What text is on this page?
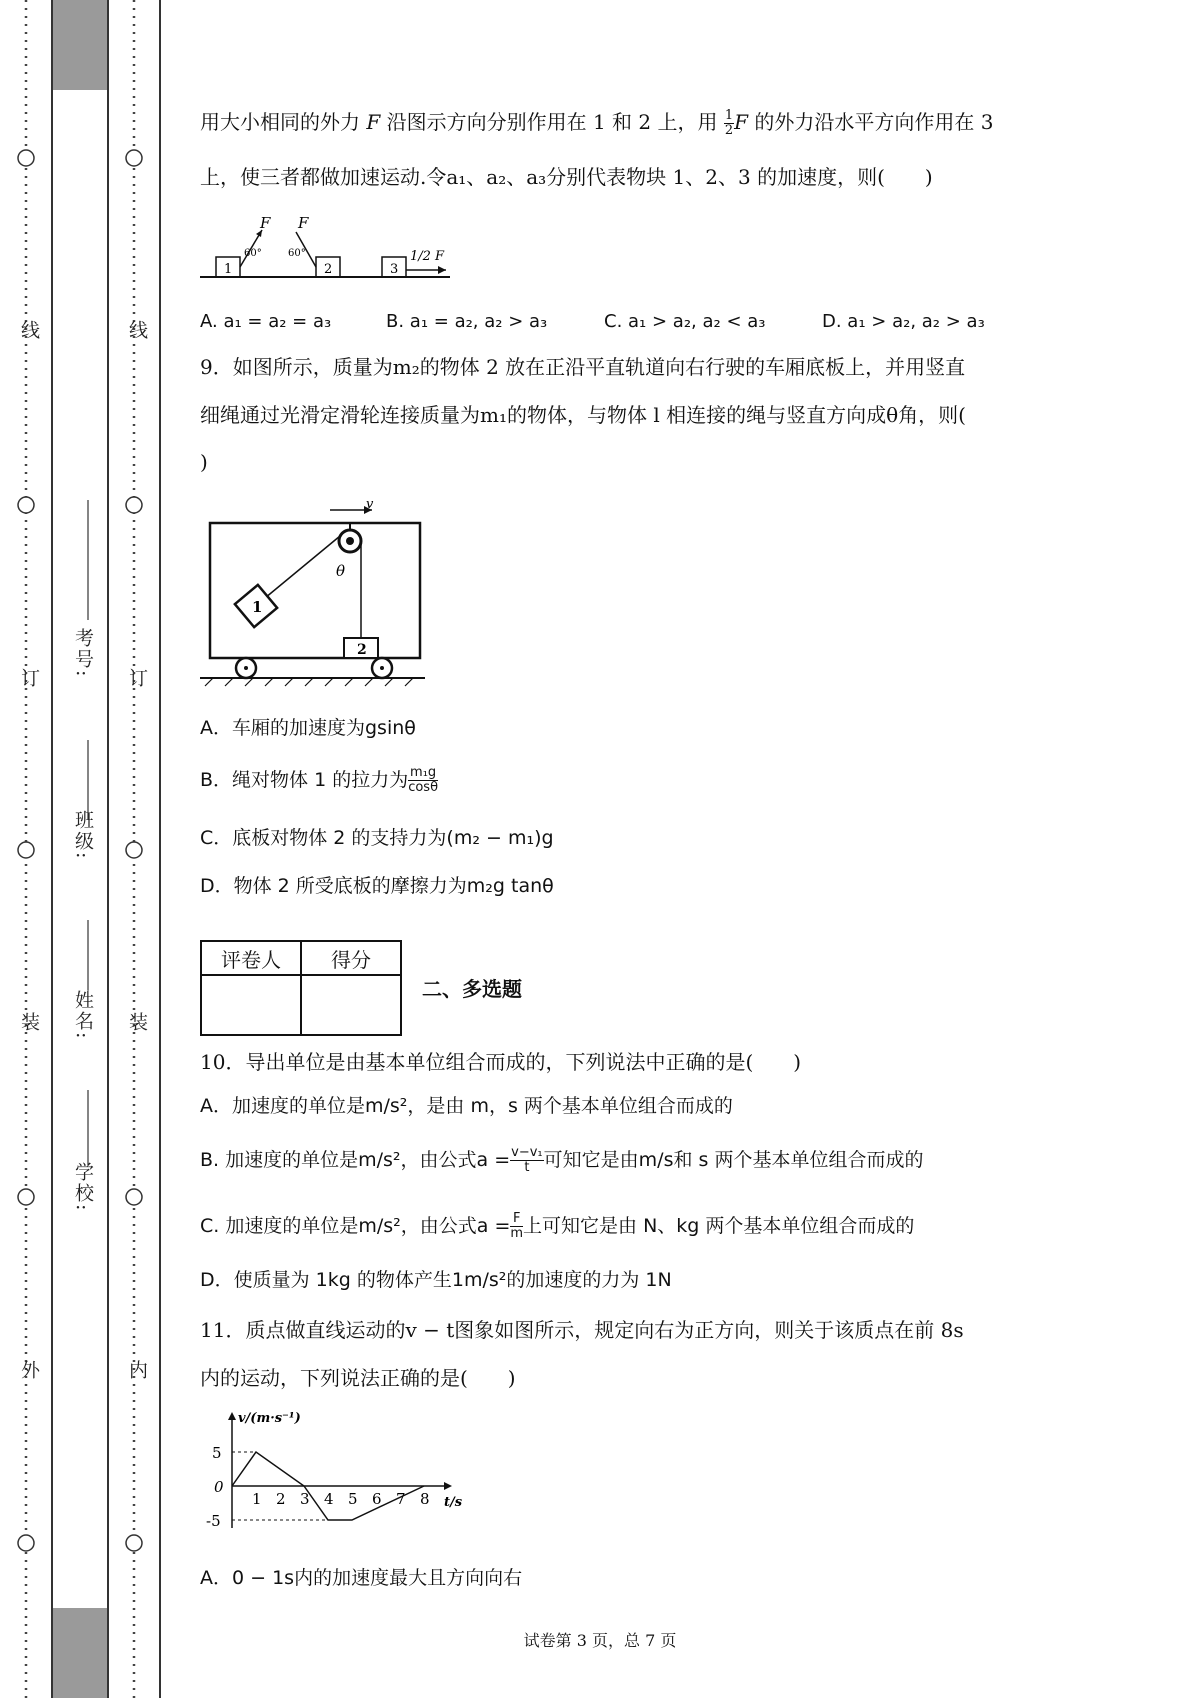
线
订
装
外
线
订
装
内
学校:
姓名:
班级:
考号:
用大小相同的外力 F 沿图示方向分别作用在 1 和 2 上，用 $\frac{1}{2}$ F 的外力沿水平方向作用在 3
上，使三者都做加速运动.令a₁、a₂、a₃分别代表物块 1、2、3 的加速度，则(　　)
1	2	3
F F
60°	60°	1/2 F
A. a₁ = a₂ = a₃	B. a₁ = a₂, a₂ > a₃	C. a₁ > a₂, a₂ < a₃	D. a₁ > a₂, a₂ > a₃
9．如图所示，质量为m₂的物体 2 放在正沿平直轨道向右行驶的车厢底板上，并用竖直
细绳通过光滑定滑轮连接质量为m₁的物体，与物体 l 相连接的绳与竖直方向成θ角，则(
)
v
θ
1
2
A．车厢的加速度为gsinθ
B．绳对物体 1 的拉力为 $\frac{\text{m₁g}}{\cos\theta}$
C．底板对物体 2 的支持力为(m₂ − m₁)g
D．物体 2 所受底板的摩擦力为m₂g tanθ
评卷人	得分

二、多选题
10．导出单位是由基本单位组合而成的，下列说法中正确的是(　　)
A．加速度的单位是m/s²，是由 m，s 两个基本单位组合而成的
B. 加速度的单位是m/s²，由公式$a = \frac{\text{v−v₁}}{t}$ 可知它是由m/s和 s 两个基本单位组合而成的
C. 加速度的单位是m/s²，由公式$a = \frac{F}{m}$ 上可知它是由 N、kg 两个基本单位组合而成的
D．使质量为 1kg 的物体产生1m/s²的加速度的力为 1N
11．质点做直线运动的v − t图象如图所示，规定向右为正方向，则关于该质点在前 8s
内的运动，下列说法正确的是(　　)
v/(m·s⁻¹)
t/s
5
0
-5
1 2 3 4 5 6 7 8
A．0 − 1s内的加速度最大且方向向右
试卷第 3 页，总 7 页
